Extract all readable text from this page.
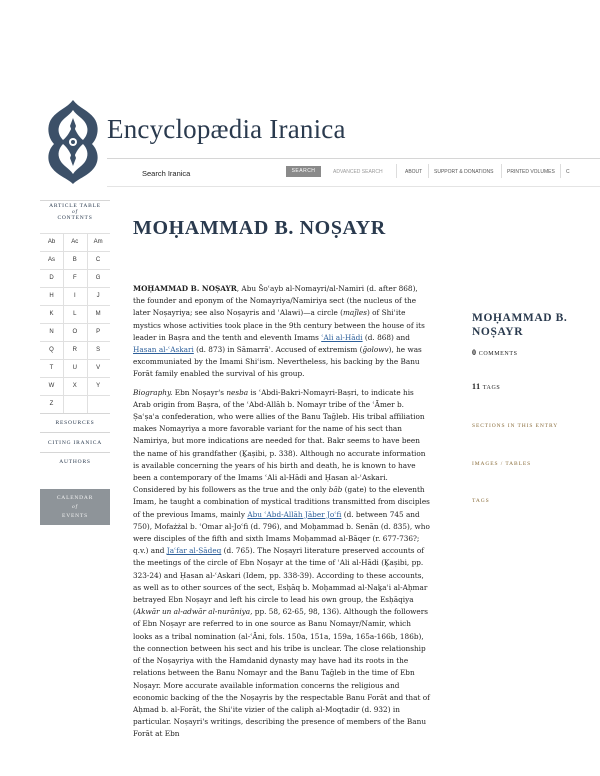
Encyclopædia Iranica
Search Iranica	SEARCH	ADVANCED SEARCH	ABOUT SUPPORT & DONATIONS	PRINTED VOLUMES C
ARTICLE TABLE
of
CONTENTS
Ab	Ac	Am
As	B	C
D	F	G
H	I	J
K	L	M
N	O	P
Q	R	S
T	U	V
W	X	Y
Z
RESOURCES
CITING IRANICA
AUTHORS
CALENDAR
of
EVENTS
MOḤAMMAD B. NOṢAYR

MOḤAMMAD B. NOṢAYR, Abu Šoʿayb al-Nomayri/al-Namiri (d. after 868), the founder and eponym of the Nomayriya/Namiriya sect (the nucleus of the later Noṣayriya; see also Noṣayris and ʿAlawi)—a circle (maǰles) of Shiʿite mystics whose activities took place in the 9th century between the house of its leader in Baṣra and the tenth and eleventh Imams ʿAli al-Hādi (d. 868) and Ḥasan al-ʿAskari (d. 873) in Sāmarrāʾ. Accused of extremism (ḡolowv), he was excommuniated by the Imami Shiʿism. Nevertheless, his backing by the Banu Forāt family enabled the survival of his group.

Biography. Ebn Noṣayr's nesba is ʿAbdi-Bakri-Nomayri-Baṣri, to indicate his Arab origin from Baṣra, of the ʿAbd-Allāh b. Nomayr tribe of the ʿĀmer b. Ṣaʿṣaʿa confederation, who were allies of the Banu Taḡleb. His tribal affiliation makes Nomayriya a more favorable variant for the name of his sect than Namiriya, but more indications are needed for that. Bakr seems to have been the name of his grandfather (Ḵaṣibi, p. 338). Although no accurate information is available concerning the years of his birth and death, he is known to have been a contemporary of the Imams ʿAli al-Hādi and Ḥasan al-ʿAskari. Considered by his followers as the true and the only bāb (gate) to the eleventh Imam, he taught a combination of mystical traditions transmitted from disciples of the previous Imams, mainly Abu ʿAbd-Allāh Jāber Joʿfi (d. between 745 and 750), Mofażżal b. ʿOmar al-Joʿfi (d. 796), and Moḥammad b. Senān (d. 835), who were disciples of the fifth and sixth Imams Moḥammad al-Bāqer (r. 677-736?; q.v.) and Jaʿfar al-Ṣādeq (d. 765). The Noṣayri literature preserved accounts of the meetings of the circle of Ebn Noṣayr at the time of ʿAli al-Hādi (Ḵaṣibi, pp. 323-24) and Ḥasan al-ʿAskari (Idem, pp. 338-39). According to these accounts, as well as to other sources of the sect, Esḥāq b. Moḥammad al-Naḵaʿi al-Aḥmar betrayed Ebn Noṣayr and left his circle to lead his own group, the Esḥāqiya (Akwār un al-adwār al-nurāniya, pp. 58, 62-65, 98, 136). Although the followers of Ebn Noṣayr are referred to in one source as Banu Nomayr/Namir, which looks as a tribal nomination (al-ʿĀni, fols. 150a, 151a, 159a, 165a-166b, 186b), the connection between his sect and his tribe is unclear. The close relationship of the Noṣayriya with the Hamdanid dynasty may have had its roots in the relations between the Banu Nomayr and the Banu Taḡleb in the time of Ebn Noṣayr. More accurate available information concerns the religious and economic backing of the the Noṣayris by the respectable Banu Forāt and that of Aḥmad b. al-Forāt, the Shiʿite vizier of the caliph al-Moqtadir (d. 932) in particular. Noṣayri's writings, describing the presence of members of the Banu Forāt at Ebn

MOḤAMMAD B.
NOṢAYR
0 COMMENTS
11 TAGS
SECTIONS IN THIS ENTRY
IMAGES / TABLES
TAGS
